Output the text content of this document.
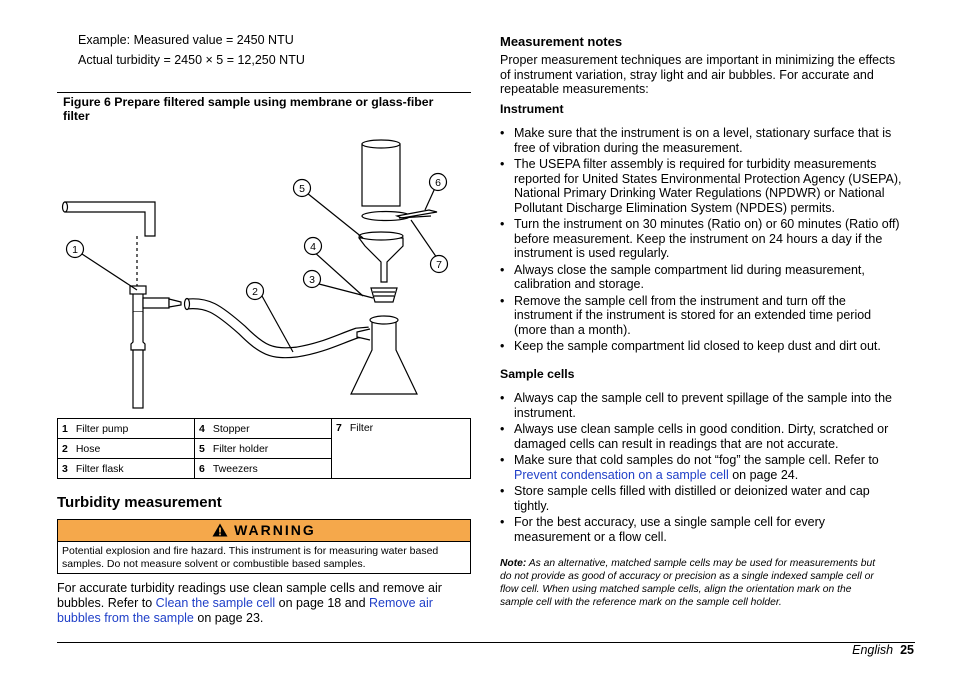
Example: Measured value = 2450 NTU
Actual turbidity = 2450 × 5 = 12,250 NTU
Figure 6 Prepare filtered sample using membrane or glass-fiber
filter
1
2
3
4
5	6
7
1 Filter pump	4 Stopper	7 Filter
2 Hose	5 Filter holder	
3 Filter flask	6 Tweezers	
Turbidity measurement
WARNING
Potential explosion and fire hazard. This instrument is for measuring water based
samples. Do not measure solvent or combustible based samples.
For accurate turbidity readings use clean sample cells and remove air
bubbles. Refer to Clean the sample cell on page 18 and Remove air
bubbles from the sample on page 23.
Measurement notes
Proper measurement techniques are important in minimizing the effects
of instrument variation, stray light and air bubbles. For accurate and
repeatable measurements:
Instrument
• Make sure that the instrument is on a level, stationary surface that is
free of vibration during the measurement.
• The USEPA filter assembly is required for turbidity measurements
reported for United States Environmental Protection Agency (USEPA),
National Primary Drinking Water Regulations (NPDWR) or National
Pollutant Discharge Elimination System (NPDES) permits.
• Turn the instrument on 30 minutes (Ratio on) or 60 minutes (Ratio off)
before measurement. Keep the instrument on 24 hours a day if the
instrument is used regularly.
• Always close the sample compartment lid during measurement,
calibration and storage.
• Remove the sample cell from the instrument and turn off the
instrument if the instrument is stored for an extended time period
(more than a month).
• Keep the sample compartment lid closed to keep dust and dirt out.
Sample cells
• Always cap the sample cell to prevent spillage of the sample into the
instrument.
• Always use clean sample cells in good condition. Dirty, scratched or
damaged cells can result in readings that are not accurate.
• Make sure that cold samples do not “fog” the sample cell. Refer to
Prevent condensation on a sample cell on page 24.
• Store sample cells filled with distilled or deionized water and cap
tightly.
• For the best accuracy, use a single sample cell for every
measurement or a flow cell.
Note: As an alternative, matched sample cells may be used for measurements but
do not provide as good of accuracy or precision as a single indexed sample cell or
flow cell. When using matched sample cells, align the orientation mark on the
sample cell with the reference mark on the sample cell holder.
English 25
